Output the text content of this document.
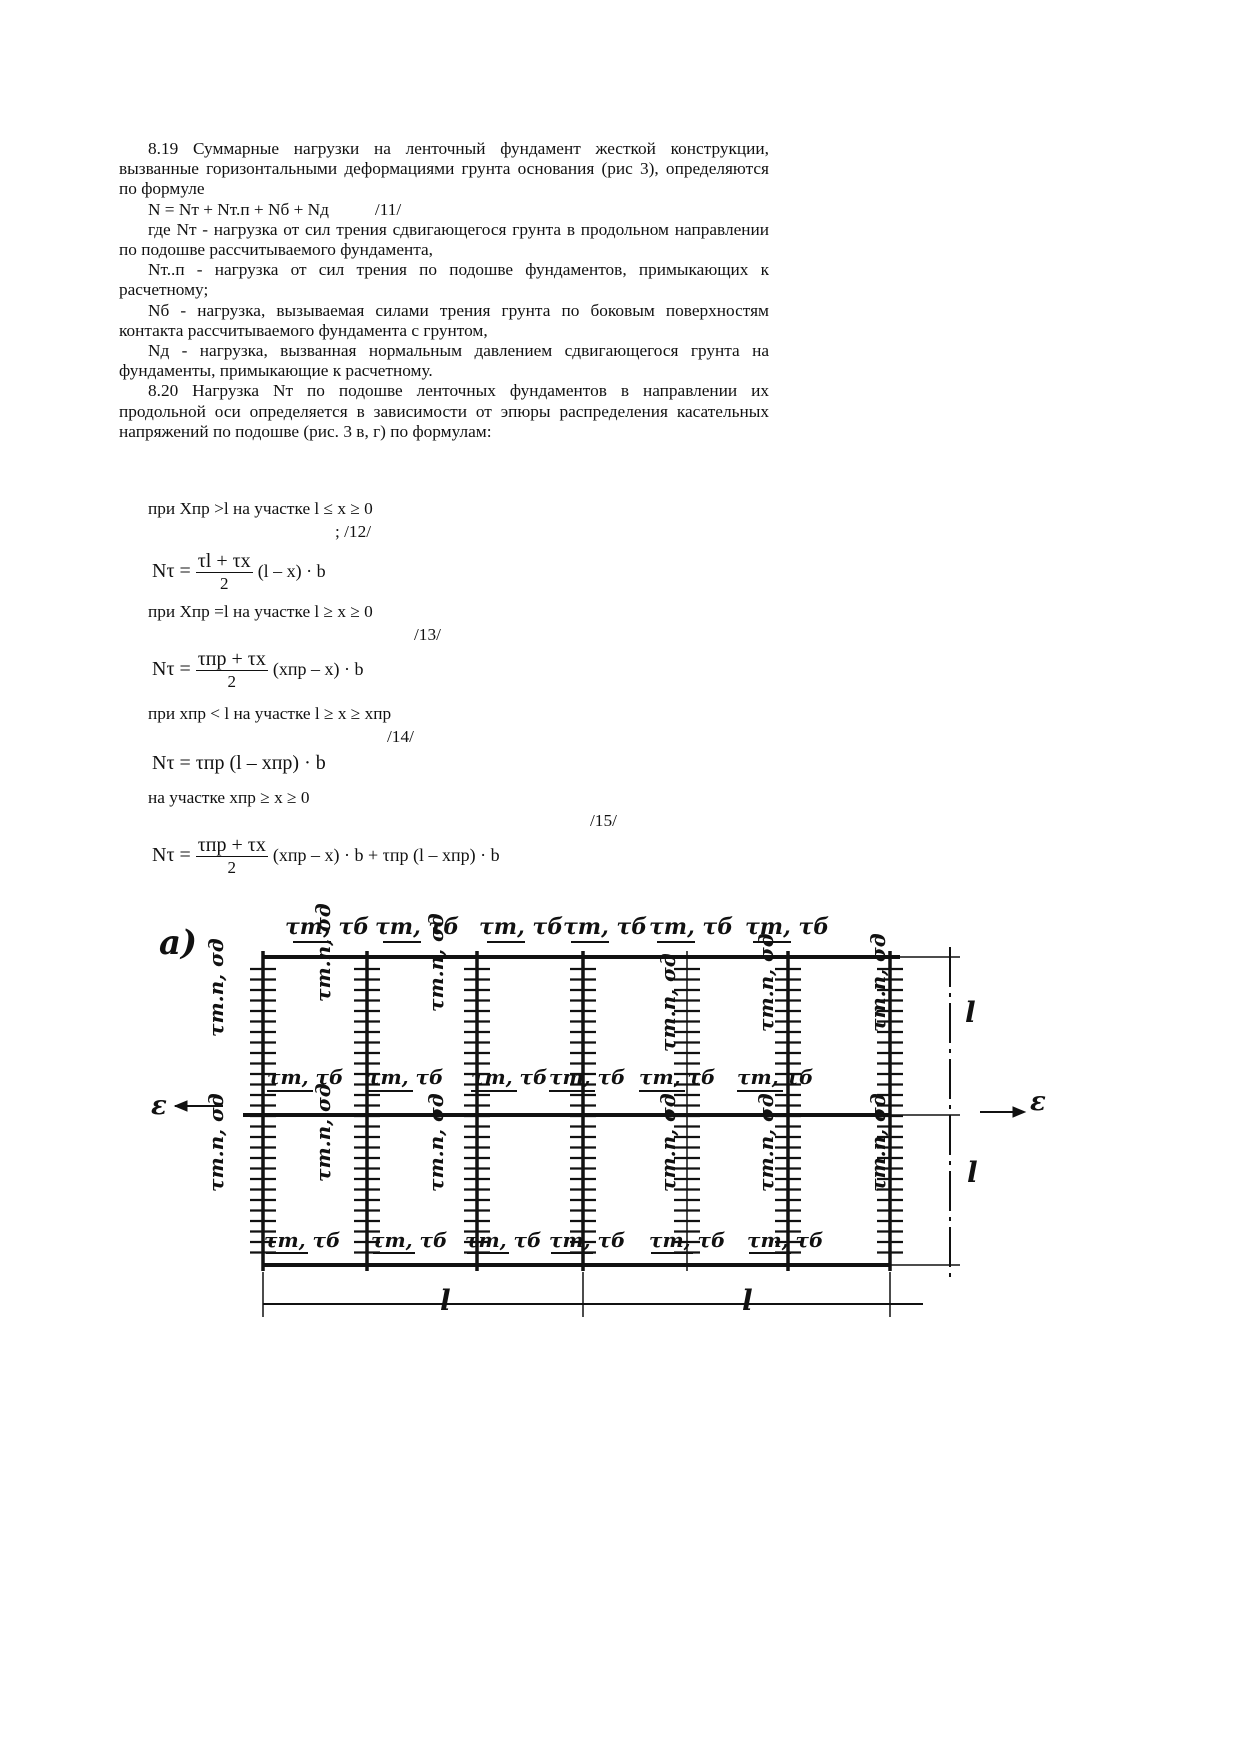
8.19 Суммарные нагрузки на ленточный фундамент жесткой конструкции, вызванные горизонтальными деформациями грунта основания (рис 3), определяются по формуле

N = Nт + Nт.п + Nб + Nд	/11/

где Nт - нагрузка от сил трения сдвигающегося грунта в продольном направлении по подошве рассчитываемого фундамента,

Nт..п - нагрузка от сил трения по подошве фундаментов, примыкающих к расчетному;

Nб - нагрузка, вызываемая силами трения грунта по боковым поверхностям контакта рассчитываемого фундамента с грунтом,

Nд - нагрузка, вызванная нормальным давлением сдвигающегося грунта на фундаменты, примыкающие к расчетному.

8.20 Нагрузка Nт по подошве ленточных фундаментов в направлении их продольной оси определяется в зависимости от эпюры распределения касательных напряжений по подошве (рис. 3 в, г) по формулам:

при Xпр >l на участке l ≤ x ≥ 0
; /12/
$N\tau = \frac{\tau l + \tau x}{2} (l - x) \cdot b$
при Xпр =l на участке l ≥ x ≥ 0
/13/
$N\tau = \frac{\text{τпр + τx}}{2} (xпр - x) \cdot b$
при xпр < l на участке l ≥ x ≥ xпр
/14/
Nτ = τпр (l – xпр) · b
на участке xпр ≥ x ≥ 0
/15/
$N\tau = \frac{\text{τпр + τx}}{2} (xпр - x) \cdot b + \tau пр$ (l – xпр) · b
а)
ε	ε
l	l
l
l
τт, τб τт, τб τт, τб τт, τб τт, τб τт, τб
τт, τб τт, τб τт, τб τт, τб τт, τб τт, τб
τт, τб τт, τб τт, τб τт, τб τт, τб τт, τб
τт.п, σд
τт.п, σд
τт.п, σд
τт.п, σд
τт.п, σд
τт.п, σд
τт.п, σд
τт.п, σд
τт.п, σд
τт.п, σд
τт.п, σд
τт.п, σд
